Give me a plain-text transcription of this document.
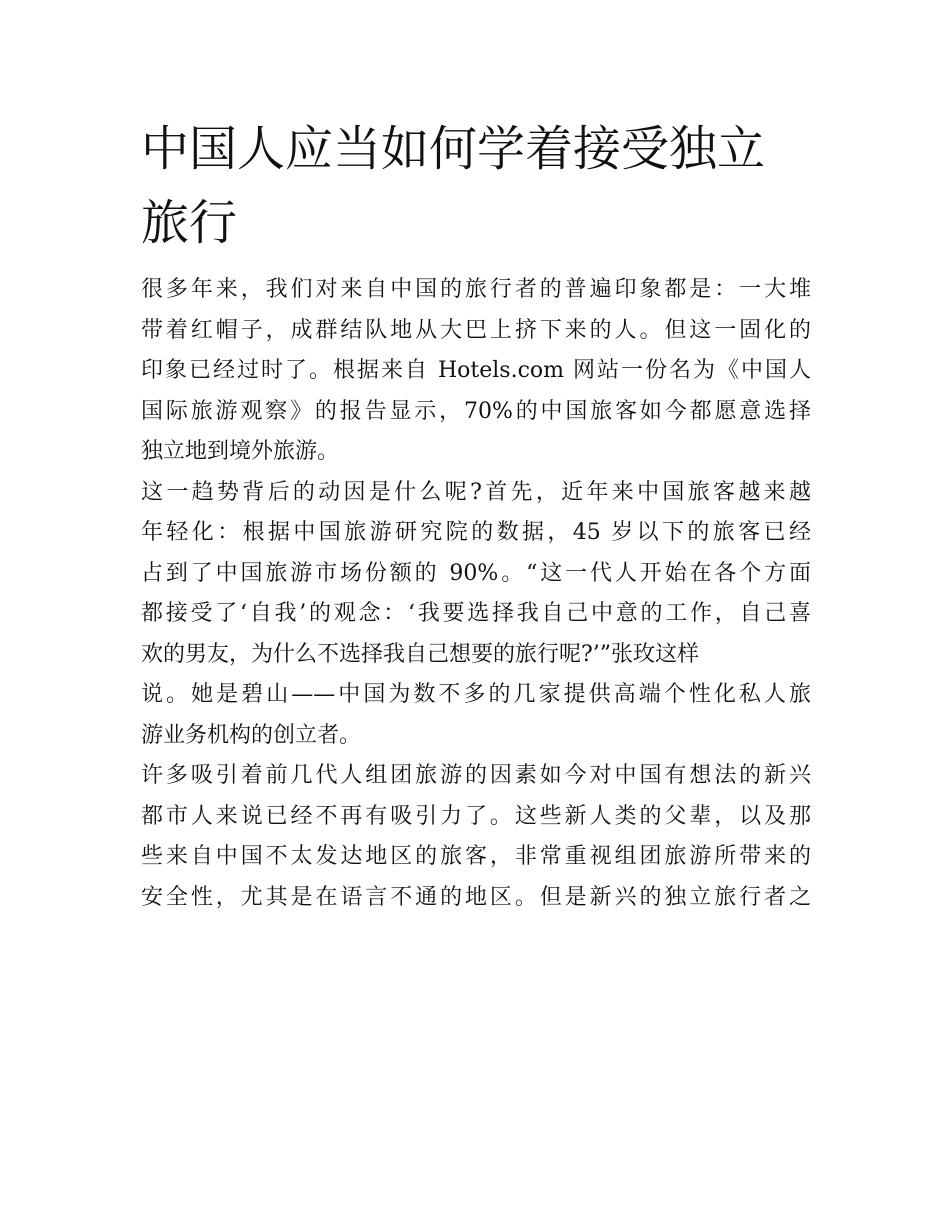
中国人应当如何学着接受独立
旅行

很多年来，我们对来自中国的旅行者的普遍印象都是：一大堆
带着红帽子，成群结队地从大巴上挤下来的人。但这一固化的
印象已经过时了。根据来自 Hotels.com 网站一份名为《中国人
国际旅游观察》的报告显示，70%的中国旅客如今都愿意选择
独立地到境外旅游。

这一趋势背后的动因是什么呢?首先，近年来中国旅客越来越
年轻化：根据中国旅游研究院的数据，45 岁以下的旅客已经
占到了中国旅游市场份额的 90%。“这一代人开始在各个方面
都接受了‘自我’的观念：‘我要选择我自己中意的工作，自己喜
欢的男友，为什么不选择我自己想要的旅行呢?’”张玫这样
说。她是碧山——中国为数不多的几家提供高端个性化私人旅
游业务机构的创立者。

许多吸引着前几代人组团旅游的因素如今对中国有想法的新兴
都市人来说已经不再有吸引力了。这些新人类的父辈，以及那
些来自中国不太发达地区的旅客，非常重视组团旅游所带来的
安全性，尤其是在语言不通的地区。但是新兴的独立旅行者之
